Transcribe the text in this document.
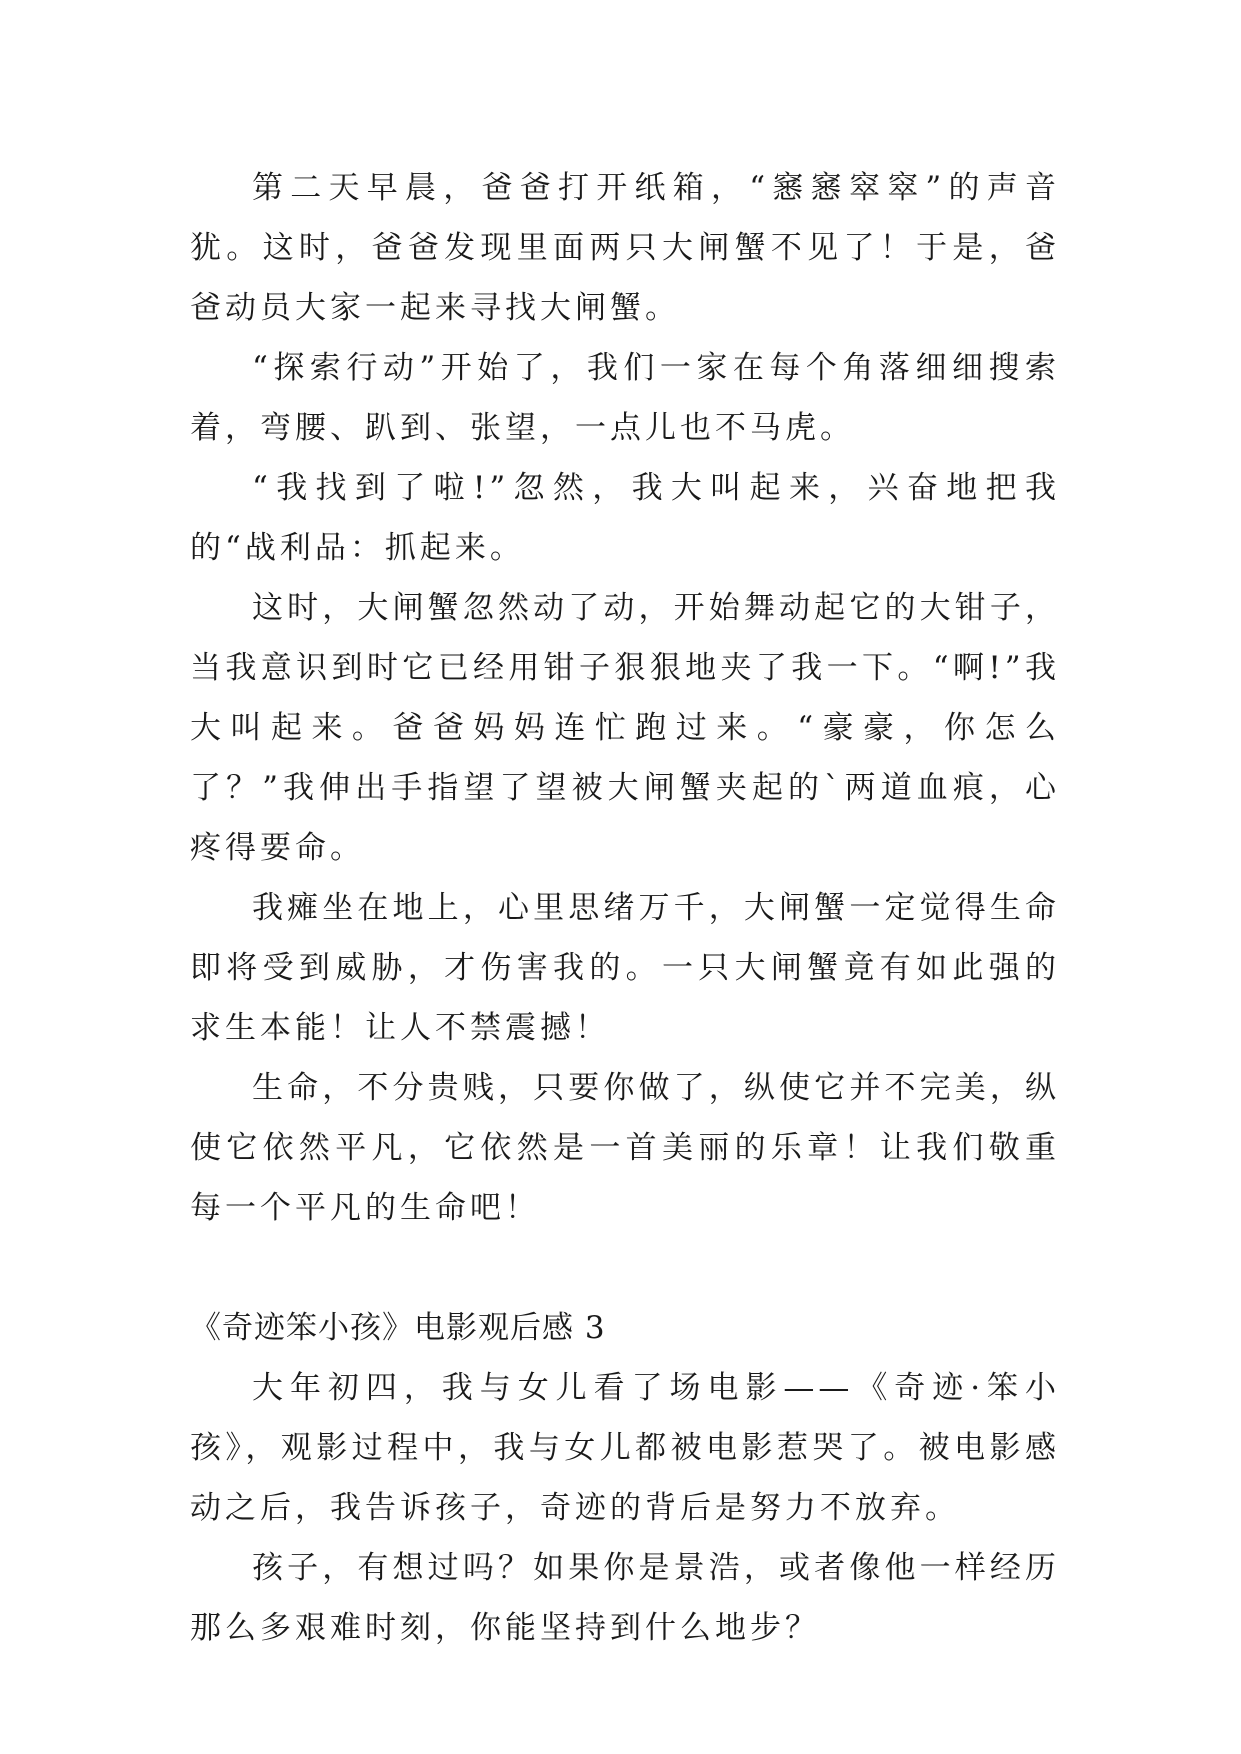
第二天早晨，爸爸打开纸箱，“窸窸窣窣”的声音犹。这时，爸爸发现里面两只大闸蟹不见了！于是，爸爸动员大家一起来寻找大闸蟹。

“探索行动”开始了，我们一家在每个角落细细搜索着，弯腰、趴到、张望，一点儿也不马虎。

“我找到了啦!”忽然，我大叫起来，兴奋地把我的“战利品：抓起来。

这时，大闸蟹忽然动了动，开始舞动起它的大钳子，当我意识到时它已经用钳子狠狠地夹了我一下。“啊!”我大叫起来。爸爸妈妈连忙跑过来。“豪豪，你怎么了？”我伸出手指望了望被大闸蟹夹起的`两道血痕，心疼得要命。

我瘫坐在地上，心里思绪万千，大闸蟹一定觉得生命即将受到威胁，才伤害我的。一只大闸蟹竟有如此强的求生本能！让人不禁震撼！

生命，不分贵贱，只要你做了，纵使它并不完美，纵使它依然平凡，它依然是一首美丽的乐章！让我们敬重每一个平凡的生命吧！

《奇迹笨小孩》电影观后感 3

大年初四，我与女儿看了场电影——《奇迹·笨小孩》，观影过程中，我与女儿都被电影惹哭了。被电影感动之后，我告诉孩子，奇迹的背后是努力不放弃。

孩子，有想过吗？如果你是景浩，或者像他一样经历那么多艰难时刻，你能坚持到什么地步？
